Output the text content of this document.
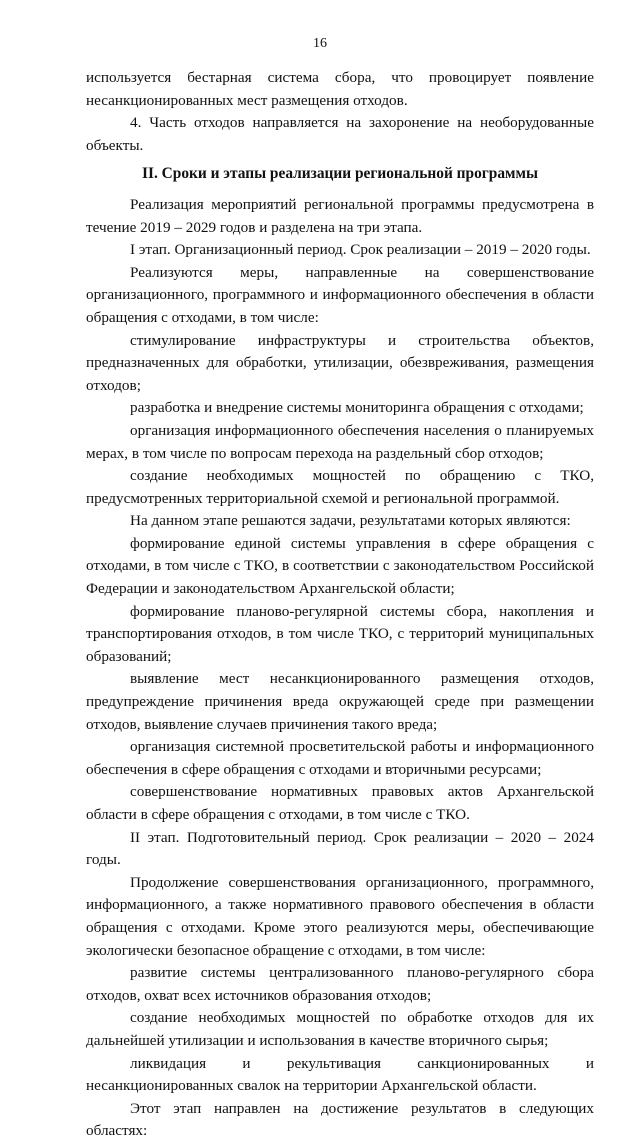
16

используется бестарная система сбора, что провоцирует появление несанкционированных мест размещения отходов.

4. Часть отходов направляется на захоронение на необорудованные объекты.

II. Сроки и этапы реализации региональной программы

Реализация мероприятий региональной программы предусмотрена в течение 2019 – 2029 годов и разделена на три этапа.

I этап. Организационный период. Срок реализации – 2019 – 2020 годы.

Реализуются меры, направленные на совершенствование организационного, программного и информационного обеспечения в области обращения с отходами, в том числе:

стимулирование инфраструктуры и строительства объектов, предназначенных для обработки, утилизации, обезвреживания, размещения отходов;

разработка и внедрение системы мониторинга обращения с отходами;

организация информационного обеспечения населения о планируемых мерах, в том числе по вопросам перехода на раздельный сбор отходов;

создание необходимых мощностей по обращению с ТКО, предусмотренных территориальной схемой и региональной программой.

На данном этапе решаются задачи, результатами которых являются:

формирование единой системы управления в сфере обращения с отходами, в том числе с ТКО, в соответствии с законодательством Российской Федерации и законодательством Архангельской области;

формирование планово-регулярной системы сбора, накопления и транспортирования отходов, в том числе ТКО, с территорий муниципальных образований;

выявление мест несанкционированного размещения отходов, предупреждение причинения вреда окружающей среде при размещении отходов, выявление случаев причинения такого вреда;

организация системной просветительской работы и информационного обеспечения в сфере обращения с отходами и вторичными ресурсами;

совершенствование нормативных правовых актов Архангельской области в сфере обращения с отходами, в том числе с ТКО.

II этап. Подготовительный период. Срок реализации – 2020 – 2024 годы.

Продолжение совершенствования организационного, программного, информационного, а также нормативного правового обеспечения в области обращения с отходами. Кроме этого реализуются меры, обеспечивающие экологически безопасное обращение с отходами, в том числе:

развитие системы централизованного планово-регулярного сбора отходов, охват всех источников образования отходов;

создание необходимых мощностей по обработке отходов для их дальнейшей утилизации и использования в качестве вторичного сырья;

ликвидация и рекультивация санкционированных и несанкционированных свалок на территории Архангельской области.

Этот этап направлен на достижение результатов в следующих областях:
